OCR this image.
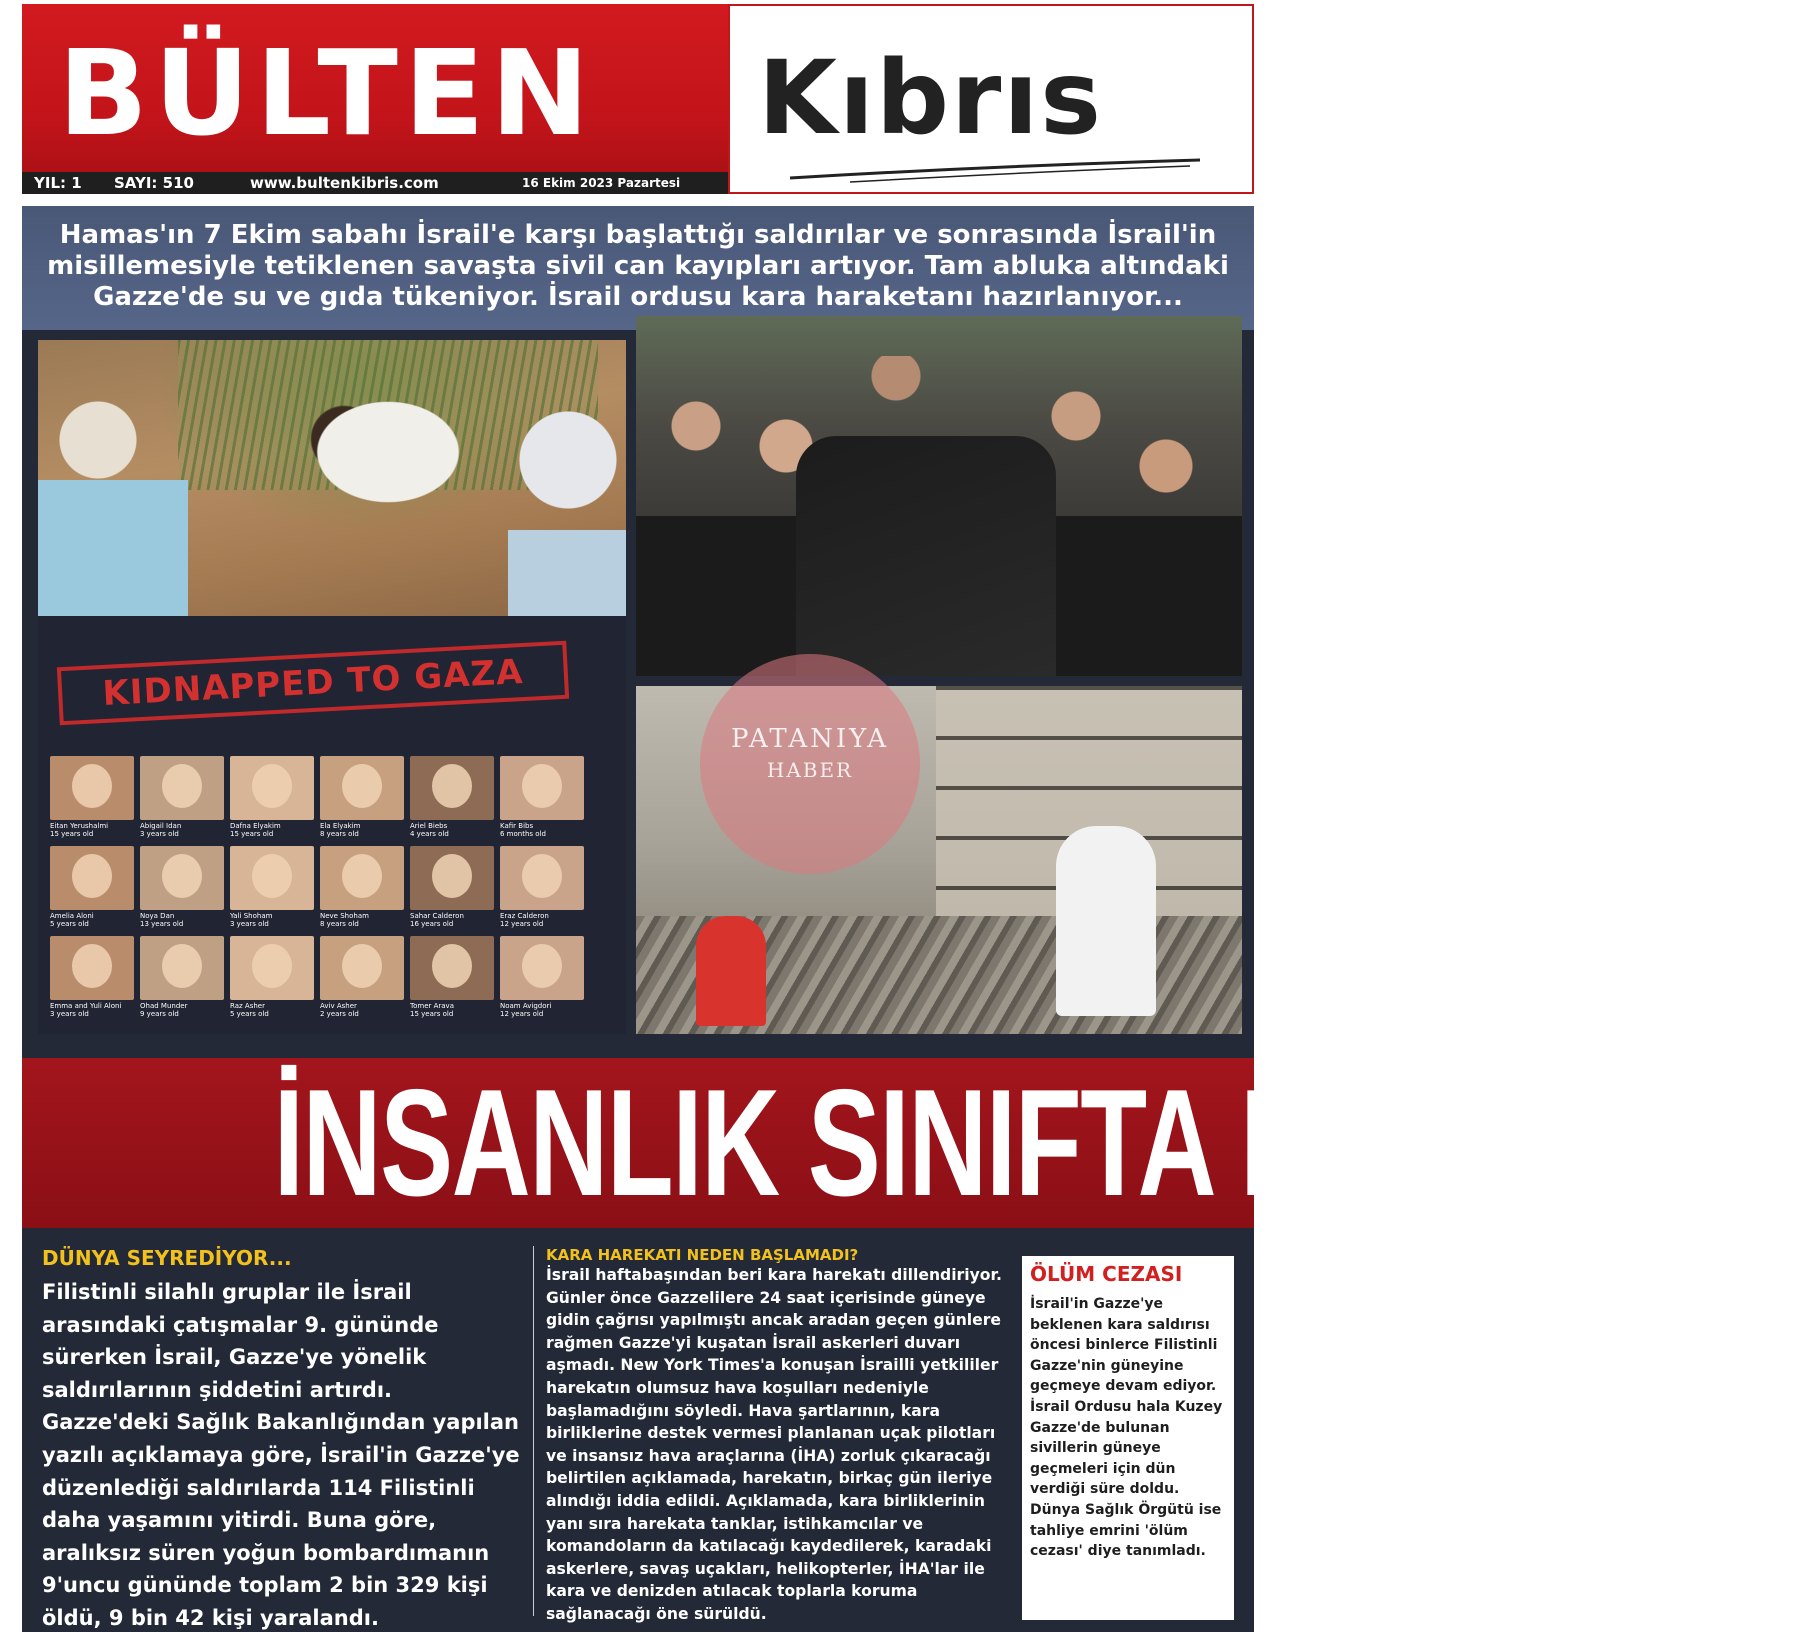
BÜLTEN
YIL: 1 SAYI: 510	www.bultenkibris.com	16 Ekim 2023 Pazartesi
Kıbrıs
Hamas'ın 7 Ekim sabahı İsrail'e karşı başlattığı saldırılar ve sonrasında İsrail'in misillemesiyle tetiklenen savaşta sivil can kayıpları artıyor. Tam abluka altındaki Gazze'de su ve gıda tükeniyor. İsrail ordusu kara haraketanı hazırlanıyor...
KIDNAPPED TO GAZA
Eitan Yerushalmi
15 years old
Abigail Idan
3 years old
Dafna Elyakim
15 years old
Ela Elyakim
8 years old
Ariel Biebs
4 years old
Kafir Bibs
6 months old
Amelia Aloni
5 years old
Noya Dan
13 years old
Yali Shoham
3 years old
Neve Shoham
8 years old
Sahar Calderon
16 years old
Eraz Calderon
12 years old
Emma and Yuli Aloni
3 years old
Ohad Munder
9 years old
Raz Asher
5 years old
Aviv Asher
2 years old
Tomer Arava
15 years old
Noam Avigdori
12 years old
PATANIYA
HABER
İNSANLIK SINIFTA KALDI
DÜNYA SEYREDİYOR...
Filistinli silahlı gruplar ile İsrail arasındaki çatışmalar 9. gününde sürerken İsrail, Gazze'ye yönelik saldırılarının şiddetini artırdı. Gazze'deki Sağlık Bakanlığından yapılan yazılı açıklamaya göre, İsrail'in Gazze'ye düzenlediği saldırılarda 114 Filistinli daha yaşamını yitirdi. Buna göre, aralıksız süren yoğun bombardımanın 9'uncu gününde toplam 2 bin 329 kişi öldü, 9 bin 42 kişi yaralandı.
KARA HAREKATI NEDEN BAŞLAMADI?
İsrail haftabaşından beri kara harekatı dillendiriyor. Günler önce Gazzelilere 24 saat içerisinde güneye gidin çağrısı yapılmıştı ancak aradan geçen günlere rağmen Gazze'yi kuşatan İsrail askerleri duvarı aşmadı. New York Times'a konuşan İsrailli yetkililer harekatın olumsuz hava koşulları nedeniyle başlamadığını söyledi. Hava şartlarının, kara birliklerine destek vermesi planlanan uçak pilotları ve insansız hava araçlarına (İHA) zorluk çıkaracağı belirtilen açıklamada, harekatın, birkaç gün ileriye alındığı iddia edildi. Açıklamada, kara birliklerinin yanı sıra harekata tanklar, istihkamcılar ve komandoların da katılacağı kaydedilerek, karadaki askerlere, savaş uçakları, helikopterler, İHA'lar ile kara ve denizden atılacak toplarla koruma sağlanacağı öne sürüldü.
ÖLÜM CEZASI
İsrail'in Gazze'ye beklenen kara saldırısı öncesi binlerce Filistinli Gazze'nin güneyine geçmeye devam ediyor. İsrail Ordusu hala Kuzey Gazze'de bulunan sivillerin güneye geçmeleri için dün verdiği süre doldu. Dünya Sağlık Örgütü ise tahliye emrini 'ölüm cezası' diye tanımladı.
